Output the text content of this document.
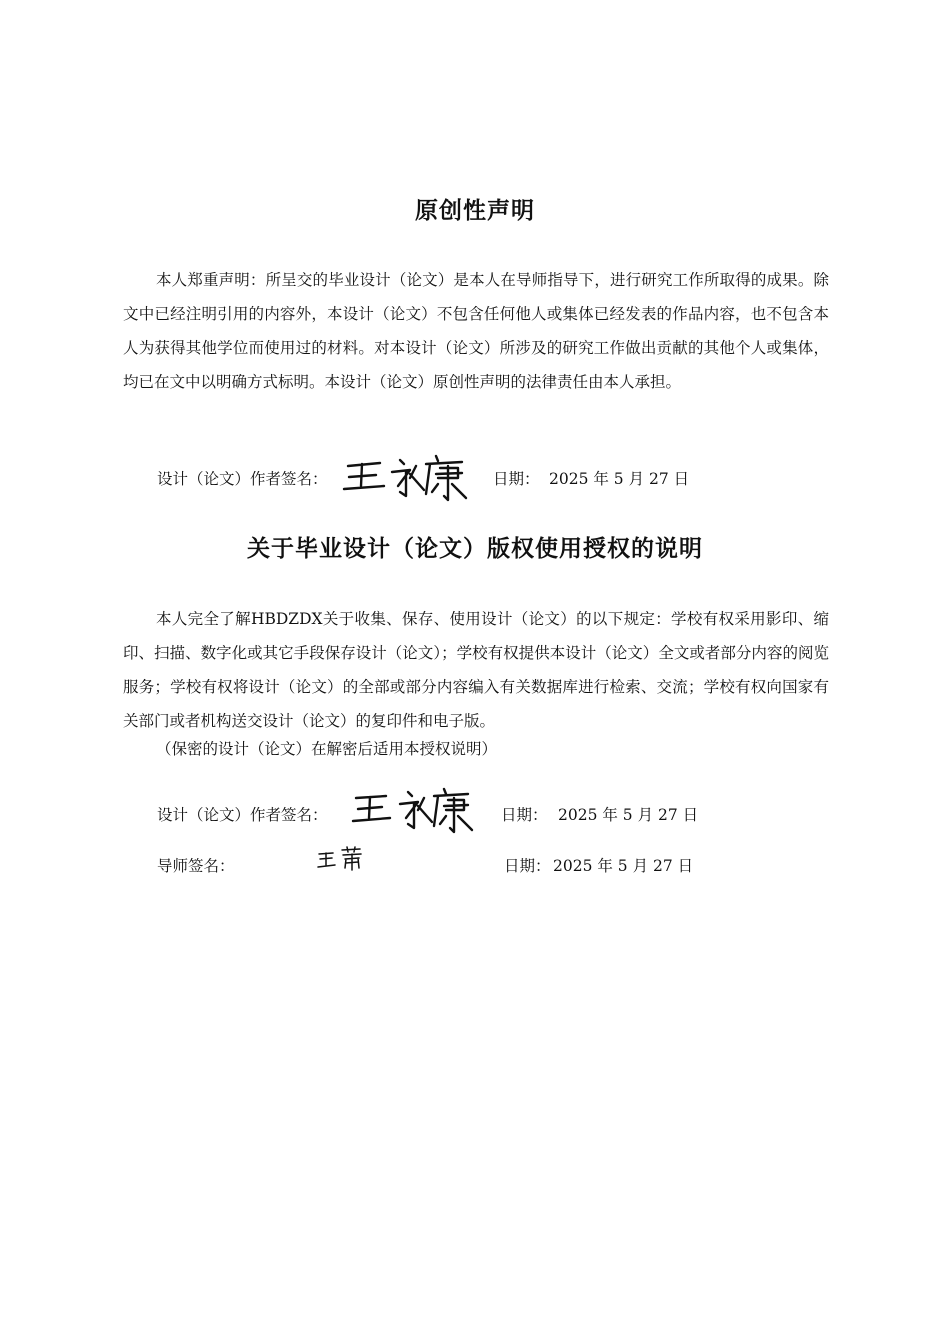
原创性声明

本人郑重声明：所呈交的毕业设计（论文）是本人在导师指导下，进行研究工作所取得的成果。除文中已经注明引用的内容外，本设计（论文）不包含任何他人或集体已经发表的作品内容，也不包含本人为获得其他学位而使用过的材料。对本设计（论文）所涉及的研究工作做出贡献的其他个人或集体，均已在文中以明确方式标明。本设计（论文）原创性声明的法律责任由本人承担。

设计（论文）作者签名：	日期： 2025 年 5 月 27 日
关于毕业设计（论文）版权使用授权的说明

本人完全了解HBDZDX关于收集、保存、使用设计（论文）的以下规定：学校有权采用影印、缩印、扫描、数字化或其它手段保存设计（论文）；学校有权提供本设计（论文）全文或者部分内容的阅览服务；学校有权将设计（论文）的全部或部分内容编入有关数据库进行检索、交流；学校有权向国家有关部门或者机构送交设计（论文）的复印件和电子版。

（保密的设计（论文）在解密后适用本授权说明）

设计（论文）作者签名：	日期： 2025 年 5 月 27 日
导师签名：	日期： 2025 年 5 月 27 日
